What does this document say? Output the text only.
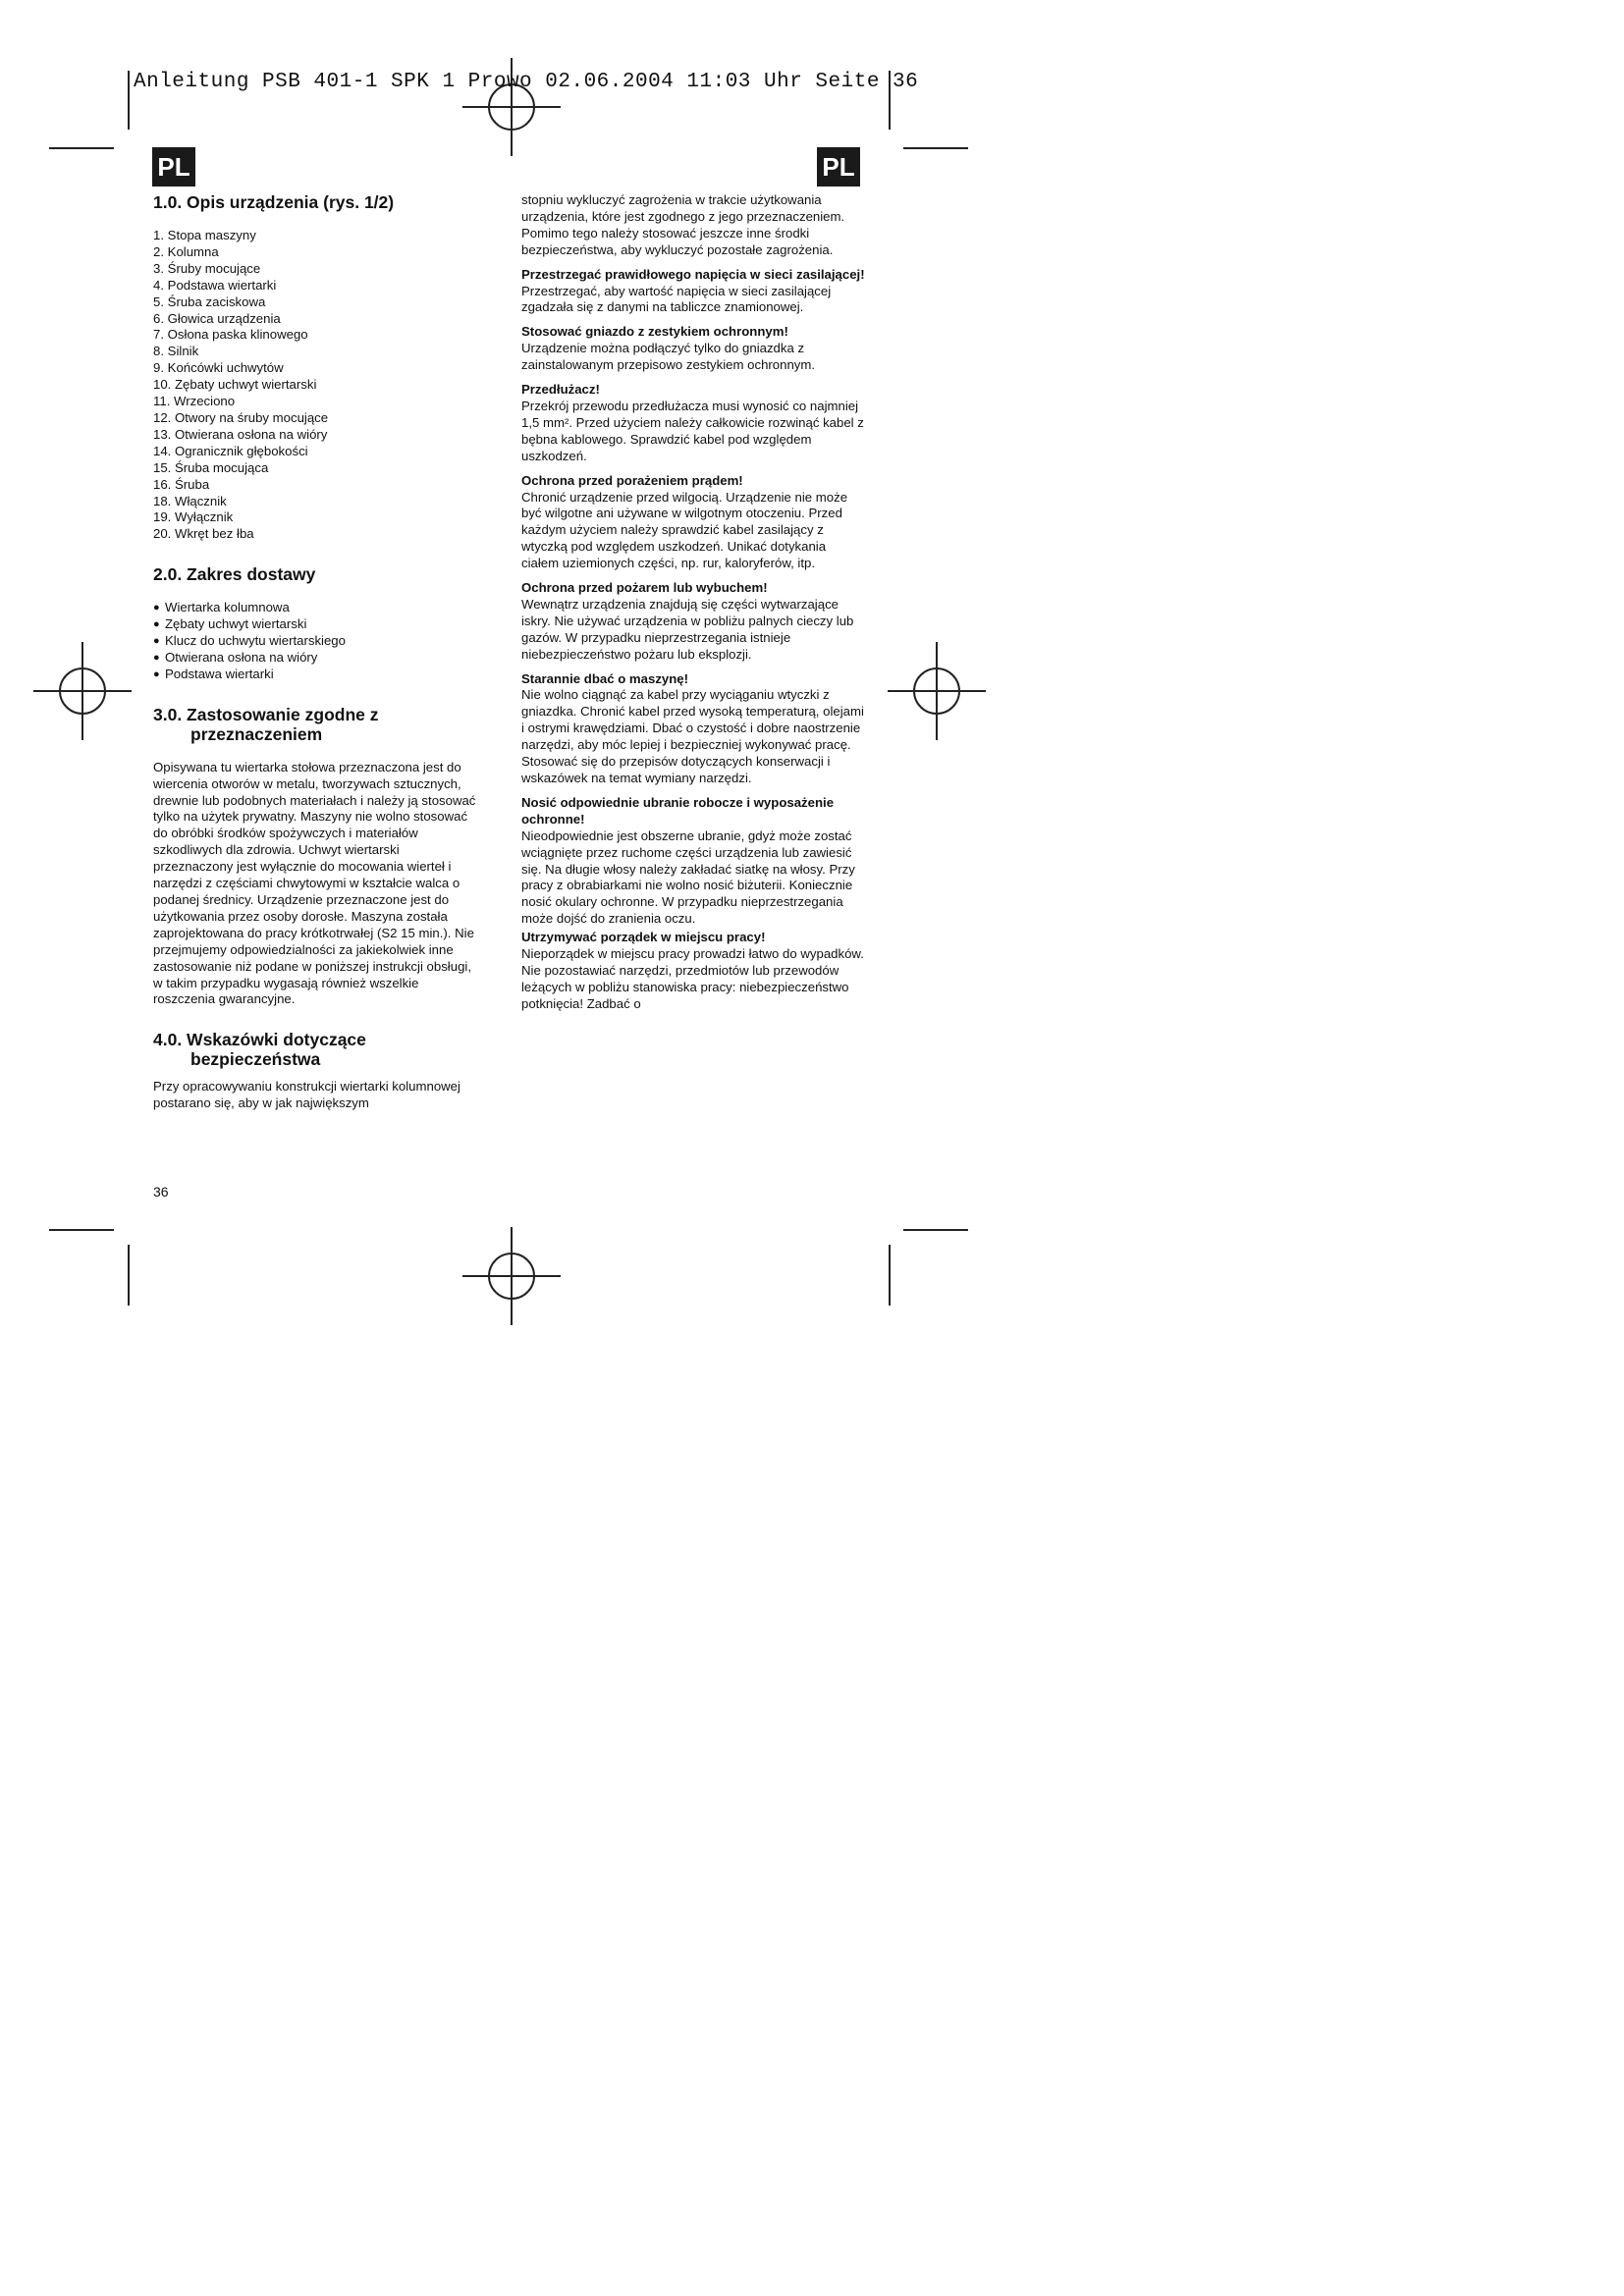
Anleitung PSB 401-1 SPK 1 Prowo 02.06.2004 11:03 Uhr Seite 36
PL	PL
1.0. Opis urządzenia (rys. 1/2)
1. Stopa maszyny
2. Kolumna
3. Śruby mocujące
4. Podstawa wiertarki
5. Śruba zaciskowa
6. Głowica urządzenia
7. Osłona paska klinowego
8. Silnik
9. Końcówki uchwytów
10. Zębaty uchwyt wiertarski
11. Wrzeciono
12. Otwory na śruby mocujące
13. Otwierana osłona na wióry
14. Ogranicznik głębokości
15. Śruba mocująca
16. Śruba
18. Włącznik
19. Wyłącznik
20. Wkręt bez łba
2.0. Zakres dostawy
● Wiertarka kolumnowa
● Zębaty uchwyt wiertarski
● Klucz do uchwytu wiertarskiego
● Otwierana osłona na wióry
● Podstawa wiertarki
3.0. Zastosowanie zgodne z przeznaczeniem

Opisywana tu wiertarka stołowa przeznaczona jest do wiercenia otworów w metalu, tworzywach sztucznych, drewnie lub podobnych materiałach i należy ją stosować tylko na użytek prywatny. Maszyny nie wolno stosować do obróbki środków spożywczych i materiałów szkodliwych dla zdrowia. Uchwyt wiertarski przeznaczony jest wyłącznie do mocowania wierteł i narzędzi z częściami chwytowymi w kształcie walca o podanej średnicy. Urządzenie przeznaczone jest do użytkowania przez osoby dorosłe. Maszyna została zaprojektowana do pracy krótkotrwałej (S2 15 min.). Nie przejmujemy odpowiedzialności za jakiekolwiek inne zastosowanie niż podane w poniższej instrukcji obsługi, w takim przypadku wygasają również wszelkie roszczenia gwarancyjne.

4.0. Wskazówki dotyczące bezpieczeństwa

Przy opracowywaniu konstrukcji wiertarki kolumnowej postarano się, aby w jak największym

stopniu wykluczyć zagrożenia w trakcie użytkowania urządzenia, które jest zgodnego z jego przeznaczeniem. Pomimo tego należy stosować jeszcze inne środki bezpieczeństwa, aby wykluczyć pozostałe zagrożenia.

Przestrzegać prawidłowego napięcia w sieci zasilającej!

Przestrzegać, aby wartość napięcia w sieci zasilającej zgadzała się z danymi na tabliczce znamionowej.

Stosować gniazdo z zestykiem ochronnym!

Urządzenie można podłączyć tylko do gniazdka z zainstalowanym przepisowo zestykiem ochronnym.

Przedłużacz!

Przekrój przewodu przedłużacza musi wynosić co najmniej 1,5 mm². Przed użyciem należy całkowicie rozwinąć kabel z bębna kablowego. Sprawdzić kabel pod względem uszkodzeń.

Ochrona przed porażeniem prądem!

Chronić urządzenie przed wilgocią. Urządzenie nie może być wilgotne ani używane w wilgotnym otoczeniu. Przed każdym użyciem należy sprawdzić kabel zasilający z wtyczką pod względem uszkodzeń. Unikać dotykania ciałem uziemionych części, np. rur, kaloryferów, itp.

Ochrona przed pożarem lub wybuchem!

Wewnątrz urządzenia znajdują się części wytwarzające iskry. Nie używać urządzenia w pobliżu palnych cieczy lub gazów. W przypadku nieprzestrzegania istnieje niebezpieczeństwo pożaru lub eksplozji.

Starannie dbać o maszynę!

Nie wolno ciągnąć za kabel przy wyciąganiu wtyczki z gniazdka. Chronić kabel przed wysoką temperaturą, olejami i ostrymi krawędziami. Dbać o czystość i dobre naostrzenie narzędzi, aby móc lepiej i bezpieczniej wykonywać pracę. Stosować się do przepisów dotyczących konserwacji i wskazówek na temat wymiany narzędzi.

Nosić odpowiednie ubranie robocze i wyposażenie ochronne!

Nieodpowiednie jest obszerne ubranie, gdyż może zostać wciągnięte przez ruchome części urządzenia lub zawiesić się. Na długie włosy należy zakładać siatkę na włosy. Przy pracy z obrabiarkami nie wolno nosić biżuterii. Koniecznie nosić okulary ochronne. W przypadku nieprzestrzegania może dojść do zranienia oczu.

Utrzymywać porządek w miejscu pracy!

Nieporządek w miejscu pracy prowadzi łatwo do wypadków. Nie pozostawiać narzędzi, przedmiotów lub przewodów leżących w pobliżu stanowiska pracy: niebezpieczeństwo potknięcia! Zadbać o

36
